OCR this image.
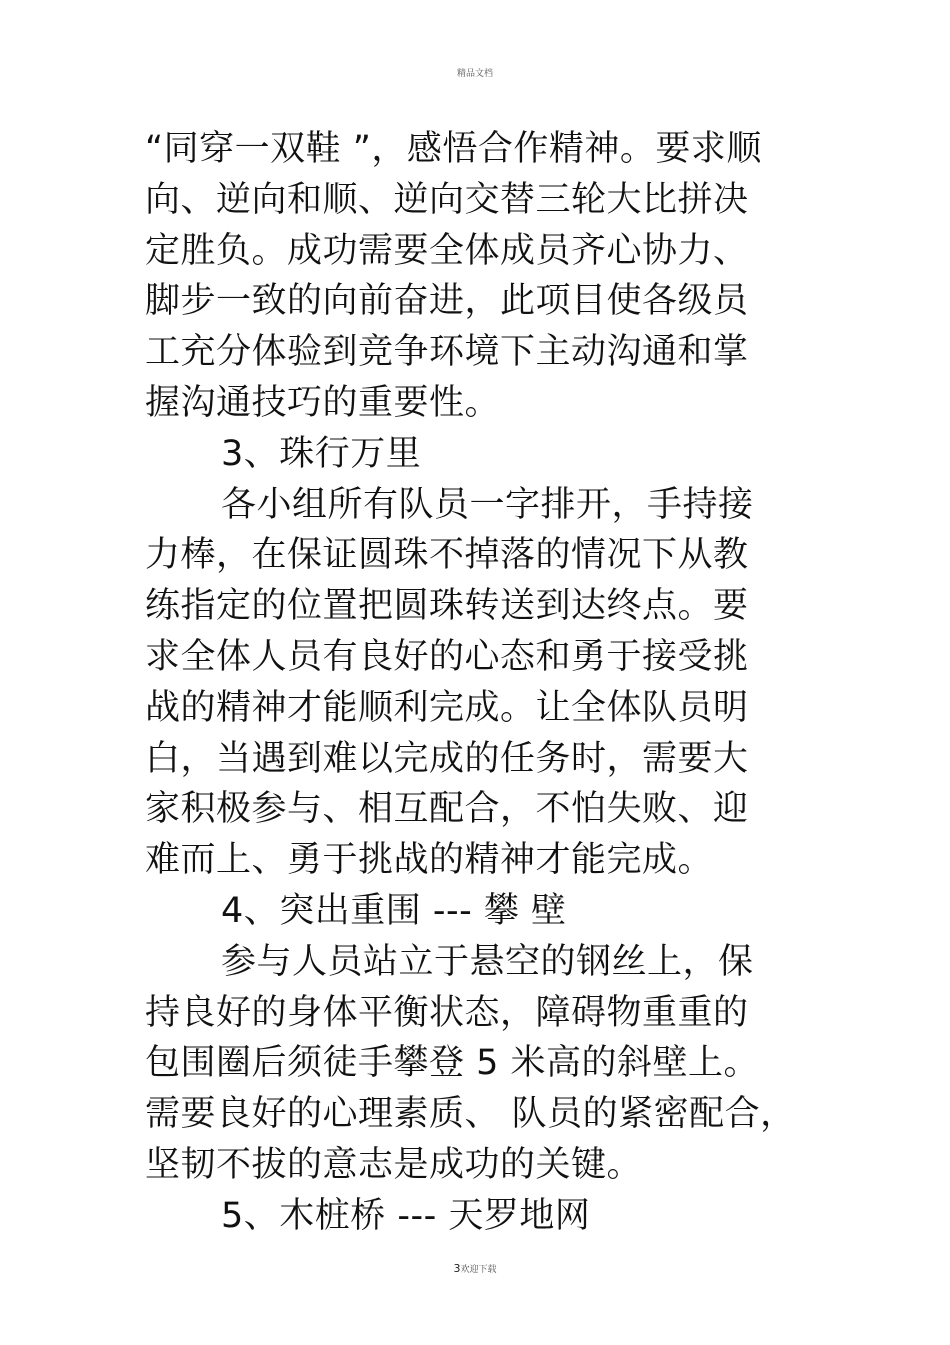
精品文档
“同穿一双鞋 ”，感悟合作精神。要求顺
向、逆向和顺、逆向交替三轮大比拼决
定胜负。成功需要全体成员齐心协力、
脚步一致的向前奋进，此项目使各级员
工充分体验到竞争环境下主动沟通和掌
握沟通技巧的重要性。
3、珠行万里
各小组所有队员一字排开，手持接
力棒，在保证圆珠不掉落的情况下从教
练指定的位置把圆珠转送到达终点。要
求全体人员有良好的心态和勇于接受挑
战的精神才能顺利完成。让全体队员明
白，当遇到难以完成的任务时，需要大
家积极参与、相互配合，不怕失败、迎
难而上、勇于挑战的精神才能完成。
4、突出重围 --- 攀 壁
参与人员站立于悬空的钢丝上，保
持良好的身体平衡状态，障碍物重重的
包围圈后须徒手攀登 5 米高的斜壁上。
需要良好的心理素质、 队员的紧密配合，
坚韧不拔的意志是成功的关键。
5、木桩桥 --- 天罗地网
3欢迎下载
